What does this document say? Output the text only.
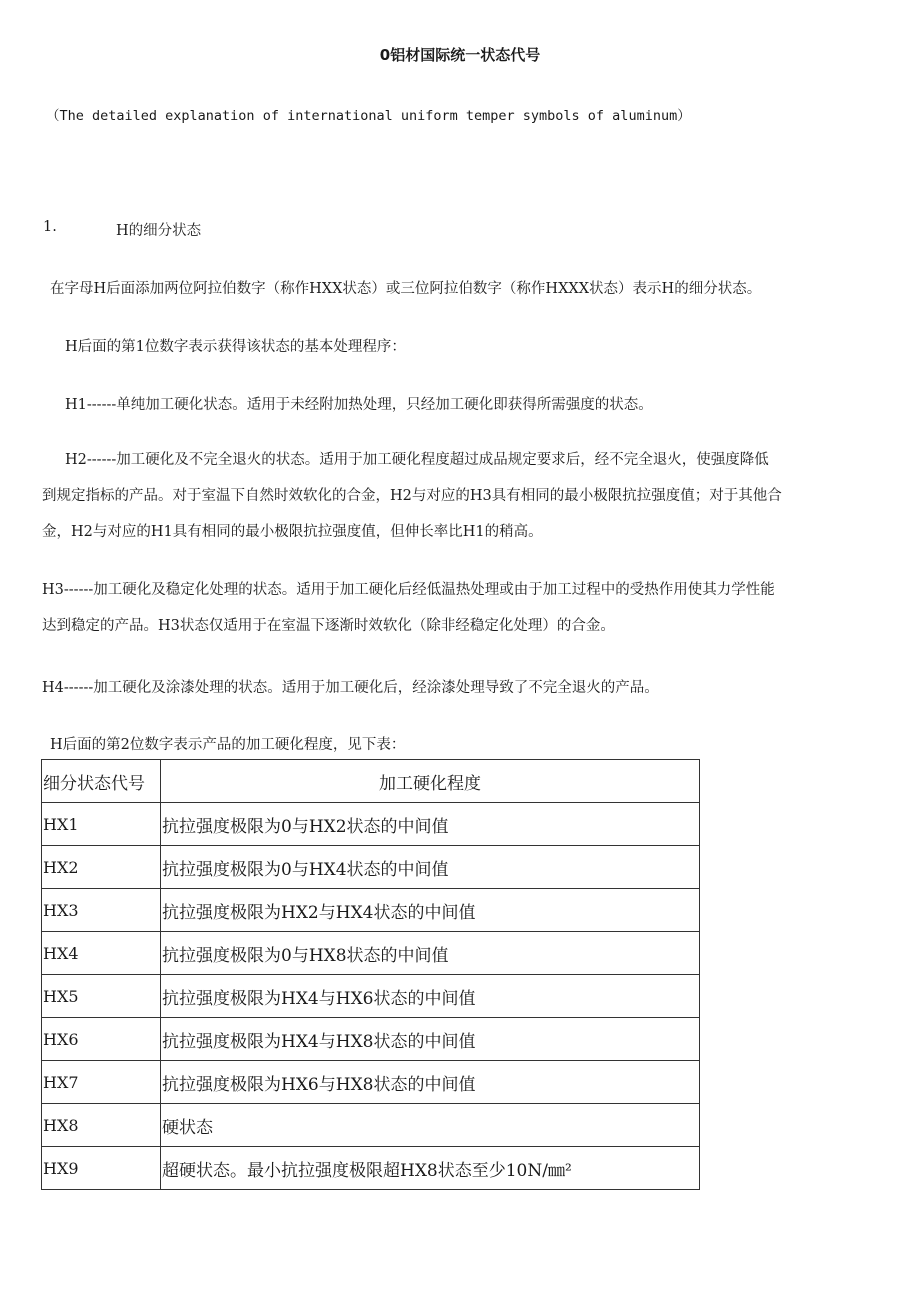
0铝材国际统一状态代号
（The detailed explanation of international uniform temper symbols of aluminum）
1.	H的细分状态
在字母H后面添加两位阿拉伯数字（称作HXX状态）或三位阿拉伯数字（称作HXXX状态）表示H的细分状态。
H后面的第1位数字表示获得该状态的基本处理程序：
H1------单纯加工硬化状态。适用于未经附加热处理，只经加工硬化即获得所需强度的状态。
H2------加工硬化及不完全退火的状态。适用于加工硬化程度超过成品规定要求后，经不完全退火，使强度降低
到规定指标的产品。对于室温下自然时效软化的合金，H2与对应的H3具有相同的最小极限抗拉强度值；对于其他合
金，H2与对应的H1具有相同的最小极限抗拉强度值，但伸长率比H1的稍高。
H3------加工硬化及稳定化处理的状态。适用于加工硬化后经低温热处理或由于加工过程中的受热作用使其力学性能
达到稳定的产品。H3状态仅适用于在室温下逐渐时效软化（除非经稳定化处理）的合金。
H4------加工硬化及涂漆处理的状态。适用于加工硬化后，经涂漆处理导致了不完全退火的产品。
H后面的第2位数字表示产品的加工硬化程度，见下表：
细分状态代号	加工硬化程度
HX1	抗拉强度极限为0与HX2状态的中间值
HX2	抗拉强度极限为0与HX4状态的中间值
HX3	抗拉强度极限为HX2与HX4状态的中间值
HX4	抗拉强度极限为0与HX8状态的中间值
HX5	抗拉强度极限为HX4与HX6状态的中间值
HX6	抗拉强度极限为HX4与HX8状态的中间值
HX7	抗拉强度极限为HX6与HX8状态的中间值
HX8	硬状态
HX9	超硬状态。最小抗拉强度极限超HX8状态至少10N/㎜²
